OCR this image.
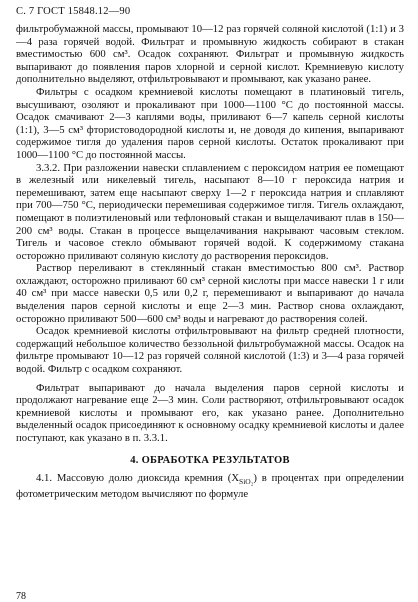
С. 7 ГОСТ 15848.12—90

фильтробумажной массы, промывают 10—12 раз горячей соляной кислотой (1:1) и 3—4 раза горячей водой. Фильтрат и промывную жидкость собирают в стакан вместимостью 600 см³. Осадок сохраняют. Фильтрат и промывную жидкость выпаривают до появления паров хлорной и серной кислот. Кремниевую кислоту дополнительно выделяют, отфильтровывают и промывают, как указано ранее.

Фильтры с осадком кремниевой кислоты помещают в платиновый тигель, высушивают, озоляют и прокаливают при 1000—1100 °С до постоянной массы. Осадок смачивают 2—3 каплями воды, приливают 6—7 капель серной кислоты (1:1), 3—5 см³ фтористоводородной кислоты и, не доводя до кипения, выпаривают содержимое тигля до удаления паров серной кислоты. Остаток прокаливают при 1000—1100 °С до постоянной массы.

3.3.2. При разложении навески сплавлением с пероксидом натрия ее помещают в железный или никелевый тигель, насыпают 8—10 г пероксида натрия и перемешивают, затем еще насыпают сверху 1—2 г пероксида натрия и сплавляют при 700—750 °С, периодически перемешивая содержимое тигля. Тигель охлаждают, помещают в полиэтиленовый или тефлоновый стакан и выщелачивают плав в 150—200 см³ воды. Стакан в процессе выщелачивания накрывают часовым стеклом. Тигель и часовое стекло обмывают горячей водой. К содержимому стакана осторожно приливают соляную кислоту до растворения пероксидов.

Раствор переливают в стеклянный стакан вместимостью 800 см³. Раствор охлаждают, осторожно приливают 60 см³ серной кислоты при массе навески 1 г или 40 см³ при массе навески 0,5 или 0,2 г, перемешивают и выпаривают до начала выделения паров серной кислоты и еще 2—3 мин. Раствор снова охлаждают, осторожно приливают 500—600 см³ воды и нагревают до растворения солей.

Осадок кремниевой кислоты отфильтровывают на фильтр средней плотности, содержащий небольшое количество беззольной фильтробумажной массы. Осадок на фильтре промывают 10—12 раз горячей соляной кислотой (1:3) и 3—4 раза горячей водой. Фильтр с осадком сохраняют.

Фильтрат выпаривают до начала выделения паров серной кислоты и продолжают нагревание еще 2—3 мин. Соли растворяют, отфильтровывают осадок кремниевой кислоты и промывают его, как указано ранее. Дополнительно выделенный осадок присоединяют к основному осадку кремниевой кислоты и далее поступают, как указано в п. 3.3.1.

4. ОБРАБОТКА РЕЗУЛЬТАТОВ

4.1. Массовую долю диоксида кремния $(X_{SiO_2})$ в процентах при определении фотометрическим методом вычисляют по формуле

78
